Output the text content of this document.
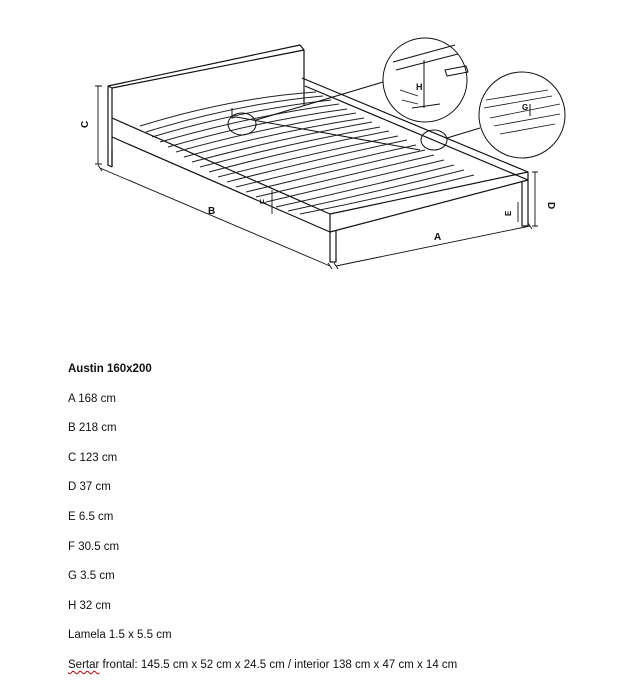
C
B
A
D
E
F
G
H

Austin 160x200

A 168 cm

B 218 cm

C 123 cm

D 37 cm

E 6.5 cm

F 30.5 cm

G 3.5 cm

H 32 cm

Lamela 1.5 x 5.5 cm

Sertar frontal: 145.5 cm x 52 cm x 24.5 cm / interior 138 cm x 47 cm x 14 cm
